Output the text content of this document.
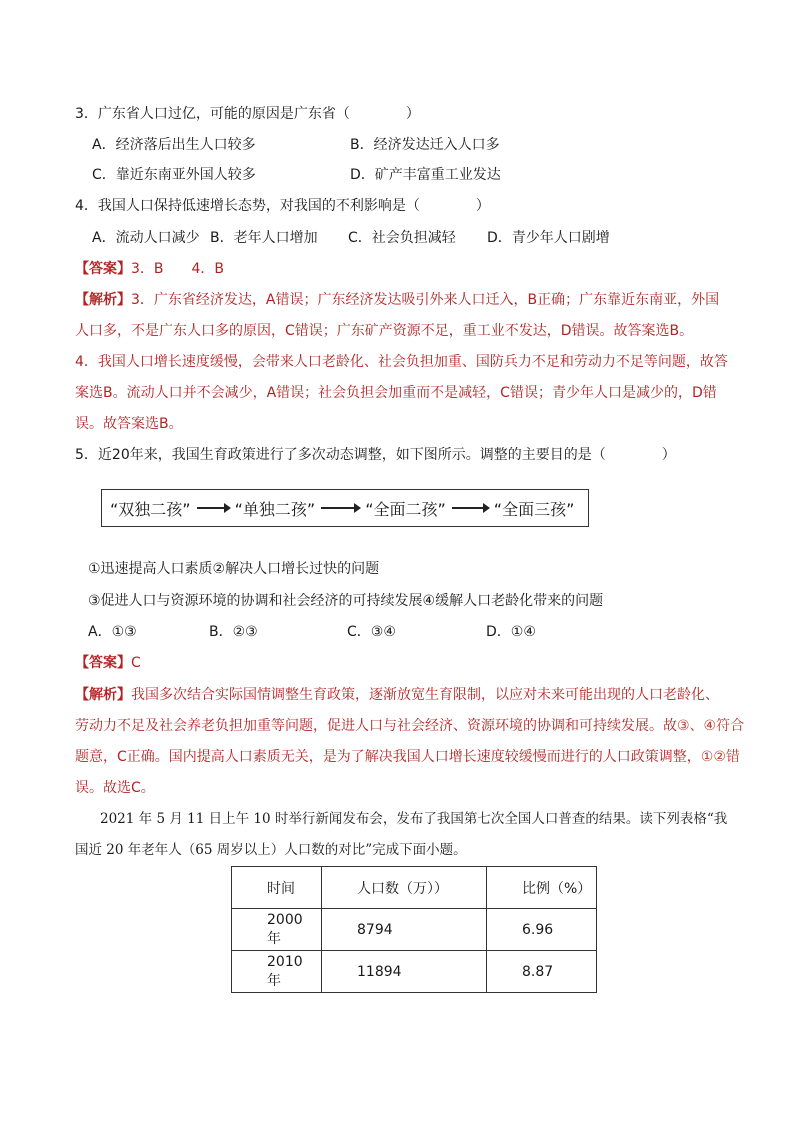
3．广东省人口过亿，可能的原因是广东省（　　　　）
A．经济落后出生人口较多	B．经济发达迁入人口多
C．靠近东南亚外国人较多	D．矿产丰富重工业发达
4．我国人口保持低速增长态势，对我国的不利影响是（　　　　）
A．流动人口减少 B．老年人口增加 C．社会负担减轻 D．青少年人口剧增
【答案】3．B　　4．B
【解析】3．广东省经济发达，A错误；广东经济发达吸引外来人口迁入，B正确；广东靠近东南亚，外国
人口多，不是广东人口多的原因，C错误；广东矿产资源不足，重工业不发达，D错误。故答案选B。
4．我国人口增长速度缓慢，会带来人口老龄化、社会负担加重、国防兵力不足和劳动力不足等问题，故答
案选B。流动人口并不会减少，A错误；社会负担会加重而不是减轻，C错误；青少年人口是减少的，D错
误。故答案选B。
5．近20年来，我国生育政策进行了多次动态调整，如下图所示。调整的主要目的是（　　　　）
“双独二孩”	“单独二孩”	“全面二孩”	“全面三孩”
①迅速提高人口素质②解决人口增长过快的问题
③促进人口与资源环境的协调和社会经济的可持续发展④缓解人口老龄化带来的问题
A．①③	B．②③	C．③④	D．①④
【答案】C
【解析】我国多次结合实际国情调整生育政策，逐渐放宽生育限制，以应对未来可能出现的人口老龄化、
劳动力不足及社会养老负担加重等问题，促进人口与社会经济、资源环境的协调和可持续发展。故③、④符合
题意，C正确。国内提高人口素质无关，是为了解决我国人口增长速度较缓慢而进行的人口政策调整，①②错
误。故选C。
2021 年 5 月 11 日上午 10 时举行新闻发布会，发布了我国第七次全国人口普查的结果。读下列表格“我
国近 20 年老年人（65 周岁以上）人口数的对比”完成下面小题。
时间	人口数（万））	比例（%）
2000 年	8794	6.96
2010 年	11894	8.87
